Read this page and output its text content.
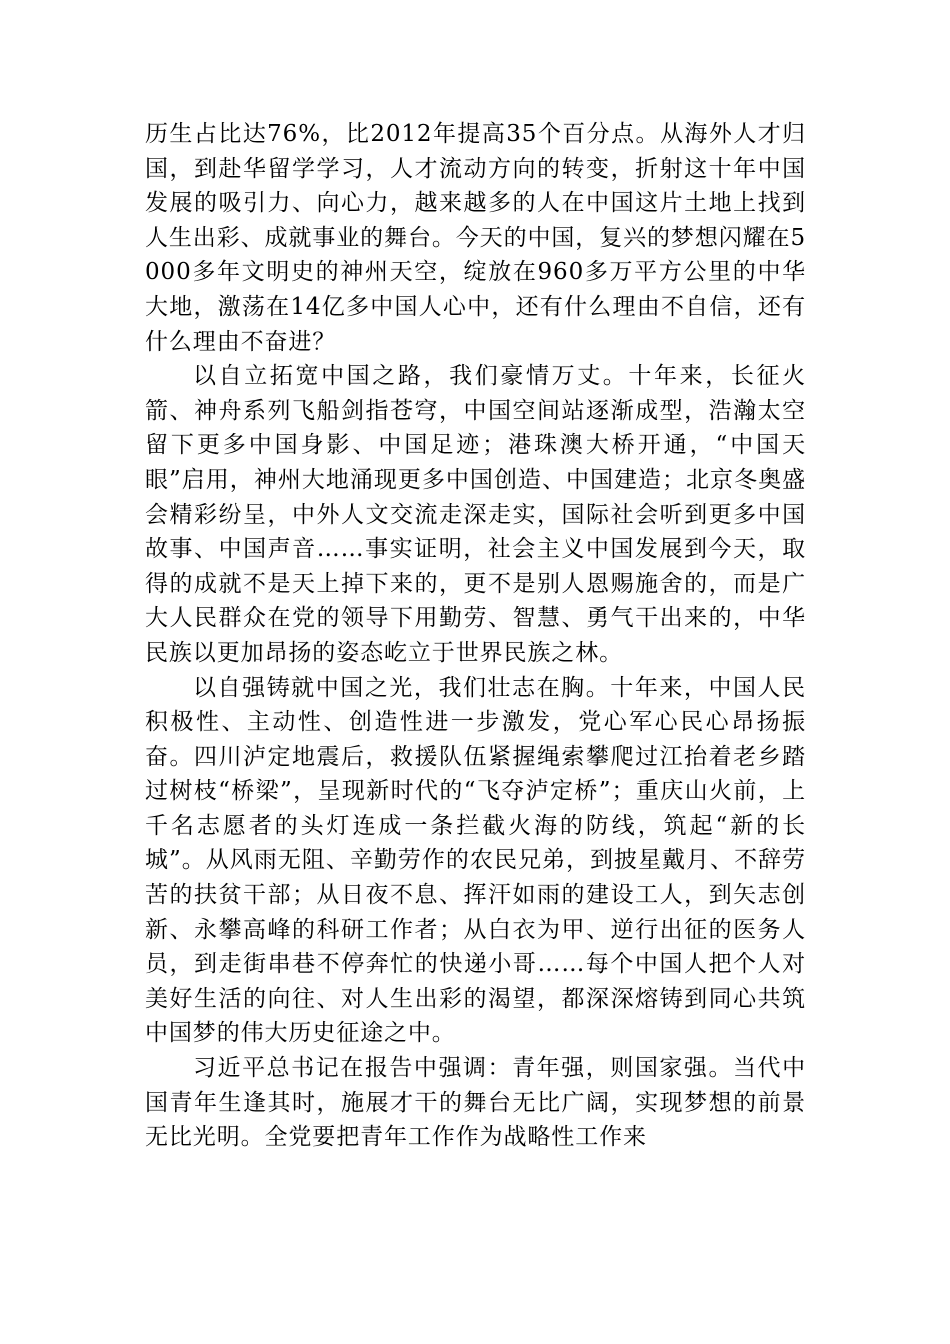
历生占比达76%，比2012年提高35个百分点。从海外人才归国，到赴华留学学习，人才流动方向的转变，折射这十年中国发展的吸引力、向心力，越来越多的人在中国这片土地上找到人生出彩、成就事业的舞台。今天的中国，复兴的梦想闪耀在5000多年文明史的神州天空，绽放在960多万平方公里的中华大地，激荡在14亿多中国人心中，还有什么理由不自信，还有什么理由不奋进？

以自立拓宽中国之路，我们豪情万丈。十年来，长征火箭、神舟系列飞船剑指苍穹，中国空间站逐渐成型，浩瀚太空留下更多中国身影、中国足迹；港珠澳大桥开通，“中国天眼”启用，神州大地涌现更多中国创造、中国建造；北京冬奥盛会精彩纷呈，中外人文交流走深走实，国际社会听到更多中国故事、中国声音……事实证明，社会主义中国发展到今天，取得的成就不是天上掉下来的，更不是别人恩赐施舍的，而是广大人民群众在党的领导下用勤劳、智慧、勇气干出来的，中华民族以更加昂扬的姿态屹立于世界民族之林。

以自强铸就中国之光，我们壮志在胸。十年来，中国人民积极性、主动性、创造性进一步激发，党心军心民心昂扬振奋。四川泸定地震后，救援队伍紧握绳索攀爬过江抬着老乡踏过树枝“桥梁”，呈现新时代的“飞夺泸定桥”；重庆山火前，上千名志愿者的头灯连成一条拦截火海的防线，筑起“新的长城”。从风雨无阻、辛勤劳作的农民兄弟，到披星戴月、不辞劳苦的扶贫干部；从日夜不息、挥汗如雨的建设工人，到矢志创新、永攀高峰的科研工作者；从白衣为甲、逆行出征的医务人员，到走街串巷不停奔忙的快递小哥……每个中国人把个人对美好生活的向往、对人生出彩的渴望，都深深熔铸到同心共筑中国梦的伟大历史征途之中。

习近平总书记在报告中强调：青年强，则国家强。当代中国青年生逢其时，施展才干的舞台无比广阔，实现梦想的前景无比光明。全党要把青年工作作为战略性工作来
